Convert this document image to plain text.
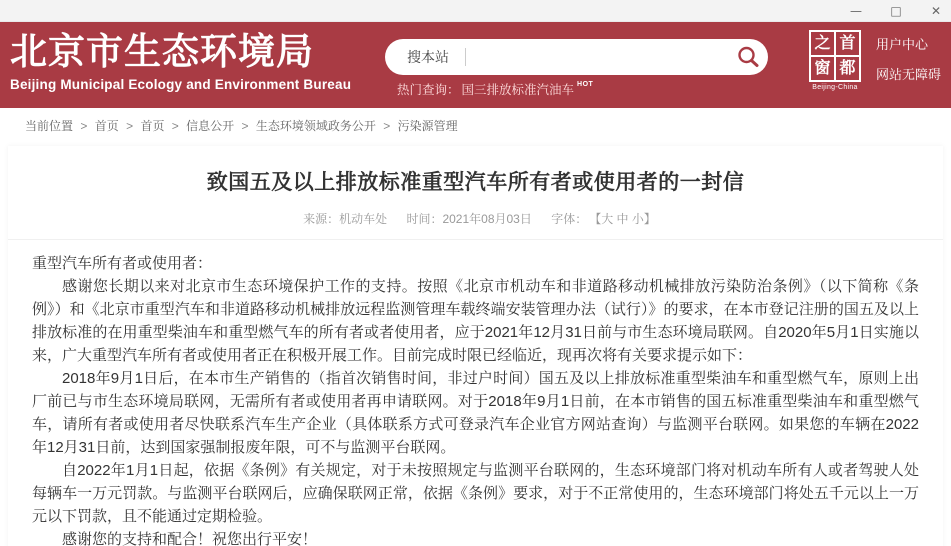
— □ ✕
北京市生态环境局
Beijing Municipal Ecology and Environment Bureau
搜本站
热门查询： 国三排放标准汽油车 HOT
之 首
窗 都
Beijing-China
用户中心
网站无障碍
当前位置 > 首页 > 首页 > 信息公开 > 生态环境领域政务公开 > 污染源管理
致国五及以上排放标准重型汽车所有者或使用者的一封信
来源：机动车处 时间：2021年08月03日 字体： 【大 中 小】

重型汽车所有者或使用者：

感谢您长期以来对北京市生态环境保护工作的支持。按照《北京市机动车和非道路移动机械排放污染防治条例》（以下简称《条例》）和《北京市重型汽车和非道路移动机械排放远程监测管理车载终端安装管理办法（试行）》的要求，在本市登记注册的国五及以上排放标准的在用重型柴油车和重型燃气车的所有者或者使用者，应于2021年12月31日前与市生态环境局联网。自2020年5月1日实施以来，广大重型汽车所有者或使用者正在积极开展工作。目前完成时限已经临近，现再次将有关要求提示如下：

2018年9月1日后，在本市生产销售的（指首次销售时间，非过户时间）国五及以上排放标准重型柴油车和重型燃气车，原则上出厂前已与市生态环境局联网，无需所有者或使用者再申请联网。对于2018年9月1日前，在本市销售的国五标准重型柴油车和重型燃气车，请所有者或使用者尽快联系汽车生产企业（具体联系方式可登录汽车企业官方网站查询）与监测平台联网。如果您的车辆在2022年12月31日前，达到国家强制报废年限，可不与监测平台联网。

自2022年1月1日起，依据《条例》有关规定，对于未按照规定与监测平台联网的，生态环境部门将对机动车所有人或者驾驶人处每辆车一万元罚款。与监测平台联网后，应确保联网正常，依据《条例》要求，对于不正常使用的，生态环境部门将处五千元以上一万元以下罚款，且不能通过定期检验。

感谢您的支持和配合！祝您出行平安！
